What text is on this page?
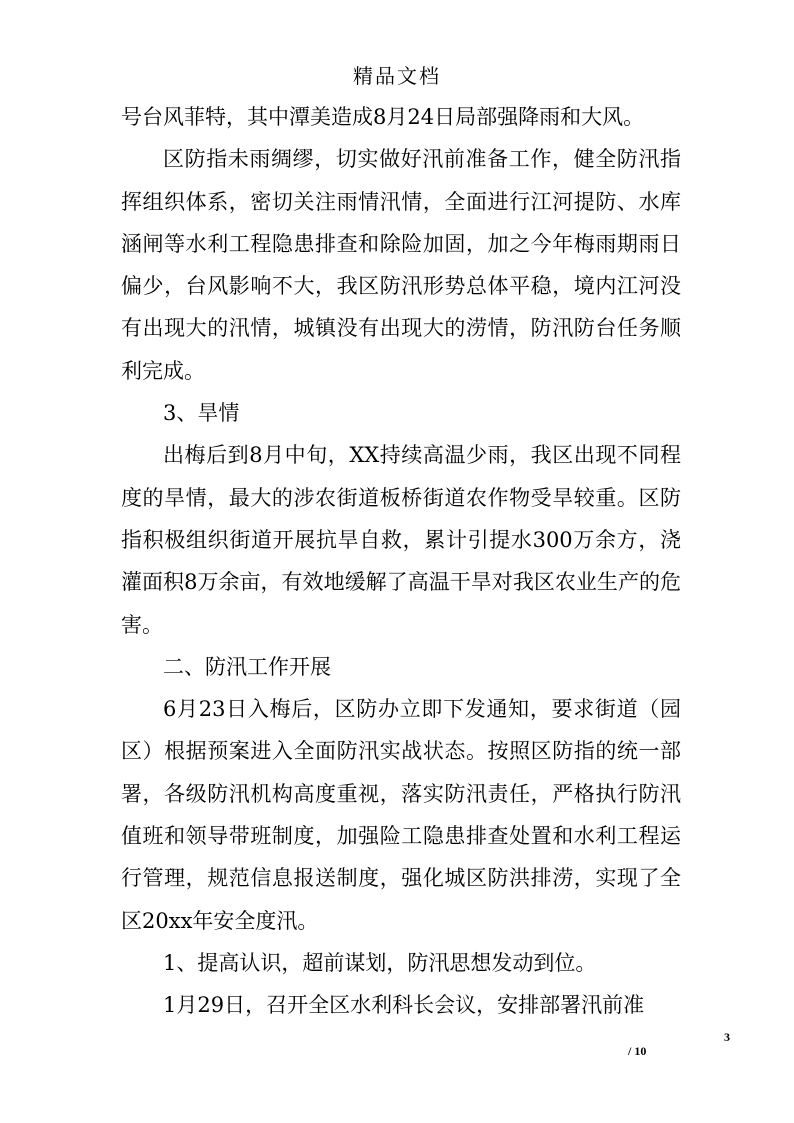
精品文档

号台风菲特，其中潭美造成8月24日局部强降雨和大风。

区防指未雨绸缪，切实做好汛前准备工作，健全防汛指挥组织体系，密切关注雨情汛情，全面进行江河提防、水库涵闸等水利工程隐患排查和除险加固，加之今年梅雨期雨日偏少，台风影响不大，我区防汛形势总体平稳，境内江河没有出现大的汛情，城镇没有出现大的涝情，防汛防台任务顺利完成。

3、旱情

出梅后到8月中旬，XX持续高温少雨，我区出现不同程度的旱情，最大的涉农街道板桥街道农作物受旱较重。区防指积极组织街道开展抗旱自救，累计引提水300万余方，浇灌面积8万余亩，有效地缓解了高温干旱对我区农业生产的危害。

二、防汛工作开展

6月23日入梅后，区防办立即下发通知，要求街道（园区）根据预案进入全面防汛实战状态。按照区防指的统一部署，各级防汛机构高度重视，落实防汛责任，严格执行防汛值班和领导带班制度，加强险工隐患排查处置和水利工程运行管理，规范信息报送制度，强化城区防洪排涝，实现了全区20xx年安全度汛。

1、提高认识，超前谋划，防汛思想发动到位。

1月29日，召开全区水利科长会议，安排部署汛前准

3
/ 10
